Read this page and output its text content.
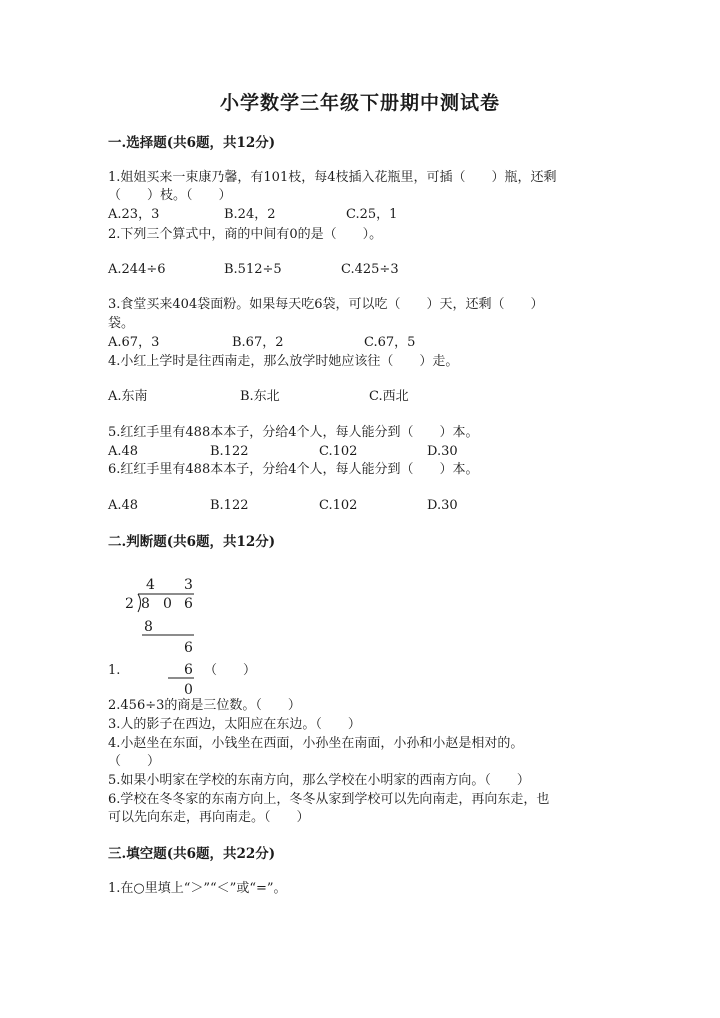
小学数学三年级下册期中测试卷
一.选择题(共6题，共12分)
1.姐姐买来一束康乃馨，有101枝，每4枝插入花瓶里，可插（　　）瓶，还剩
（　　）枝。（　　）
A.23，3	B.24，2	C.25，1
2.下列三个算式中，商的中间有0的是（　　）。
A.244÷6	B.512÷5	C.425÷3
3.食堂买来404袋面粉。如果每天吃6袋，可以吃（　　）天，还剩（　　）
袋。
A.67，3	B.67，2	C.67，5
4.小红上学时是往西南走，那么放学时她应该往（　　）走。
A.东南	B.东北	C.西北
5.红红手里有488本本子，分给4个人，每人能分到（　　）本。
A.48	B.122	C.102	D.30
6.红红手里有488本本子，分给4个人，每人能分到（　　）本。
A.48	B.122	C.102	D.30
二.判断题(共6题，共12分)
4 3
2 8 0 6
8
6
6
0
1.	（　　）
2.456÷3的商是三位数。（　　）
3.人的影子在西边，太阳应在东边。（　　）
4.小赵坐在东面，小钱坐在西面，小孙坐在南面，小孙和小赵是相对的。
（　　）
5.如果小明家在学校的东南方向，那么学校在小明家的西南方向。（　　）
6.学校在冬冬家的东南方向上，冬冬从家到学校可以先向南走，再向东走，也
可以先向东走，再向南走。（　　）
三.填空题(共6题，共22分)
1.在○里填上“＞”“＜”或“=”。
